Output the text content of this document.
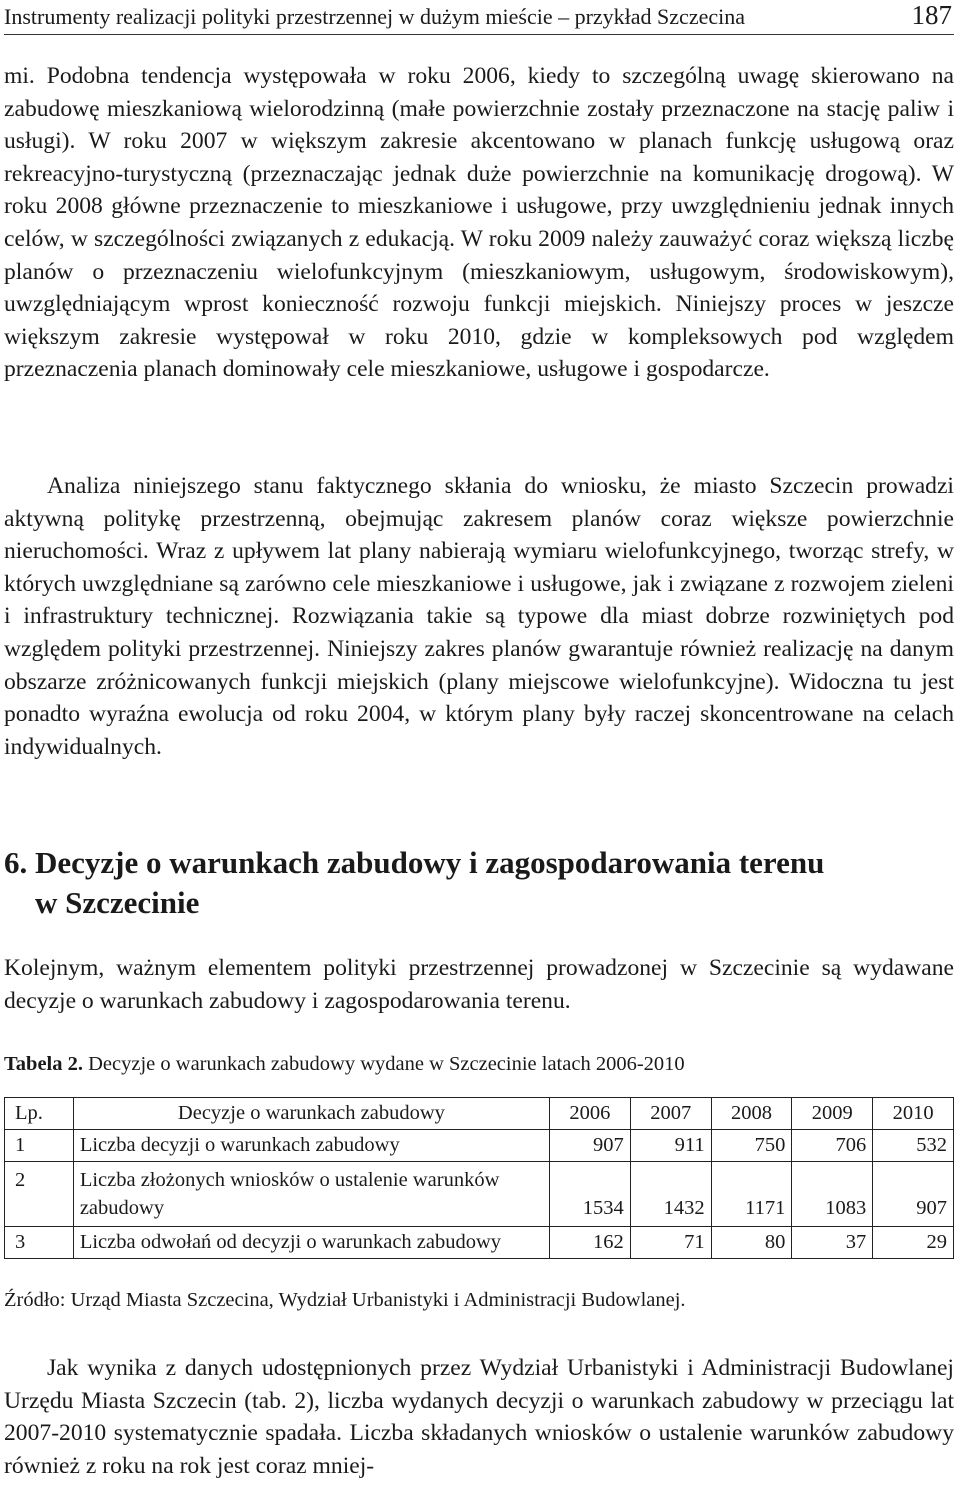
Instrumenty realizacji polityki przestrzennej w dużym mieście – przykład Szczecina	187

mi. Podobna tendencja występowała w roku 2006, kiedy to szczególną uwagę skierowano na zabudowę mieszkaniową wielorodzinną (małe powierzchnie zostały przeznaczone na stację paliw i usługi). W roku 2007 w większym zakresie akcentowano w planach funkcję usługową oraz rekreacyjno-turystyczną (przeznaczając jednak duże powierzchnie na komunikację drogową). W roku 2008 główne przeznaczenie to mieszkaniowe i usługowe, przy uwzględnieniu jednak innych celów, w szczególności związanych z edukacją. W roku 2009 należy zauważyć coraz większą liczbę planów o przeznaczeniu wielofunkcyjnym (mieszkaniowym, usługowym, środowiskowym), uwzględniającym wprost konieczność rozwoju funkcji miejskich. Niniejszy proces w jeszcze większym zakresie występował w roku 2010, gdzie w kompleksowych pod względem przeznaczenia planach dominowały cele mieszkaniowe, usługowe i gospodarcze.

Analiza niniejszego stanu faktycznego skłania do wniosku, że miasto Szczecin prowadzi aktywną politykę przestrzenną, obejmując zakresem planów coraz większe powierzchnie nieruchomości. Wraz z upływem lat plany nabierają wymiaru wielofunkcyjnego, tworząc strefy, w których uwzględniane są zarówno cele mieszkaniowe i usługowe, jak i związane z rozwojem zieleni i infrastruktury technicznej. Rozwiązania takie są typowe dla miast dobrze rozwiniętych pod względem polityki przestrzennej. Niniejszy zakres planów gwarantuje również realizację na danym obszarze zróżnicowanych funkcji miejskich (plany miejscowe wielofunkcyjne). Widoczna tu jest ponadto wyraźna ewolucja od roku 2004, w którym plany były raczej skoncentrowane na celach indywidualnych.

6. Decyzje o warunkach zabudowy i zagospodarowania terenu
w Szczecinie

Kolejnym, ważnym elementem polityki przestrzennej prowadzonej w Szczecinie są wydawane decyzje o warunkach zabudowy i zagospodarowania terenu.

Tabela 2. Decyzje o warunkach zabudowy wydane w Szczecinie latach 2006-2010
Lp.	Decyzje o warunkach zabudowy	2006	2007	2008	2009	2010
1	Liczba decyzji o warunkach zabudowy	907	911	750	706	532
2	Liczba złożonych wniosków o ustalenie warunków zabudowy	1534	1432	1171	1083	907
3	Liczba odwołań od decyzji o warunkach zabudowy	162	71	80	37	29
Źródło: Urząd Miasta Szczecina, Wydział Urbanistyki i Administracji Budowlanej.

Jak wynika z danych udostępnionych przez Wydział Urbanistyki i Administracji Budowlanej Urzędu Miasta Szczecin (tab. 2), liczba wydanych decyzji o warunkach zabudowy w przeciągu lat 2007-2010 systematycznie spadała. Liczba składanych wniosków o ustalenie warunków zabudowy również z roku na rok jest coraz mniej-
